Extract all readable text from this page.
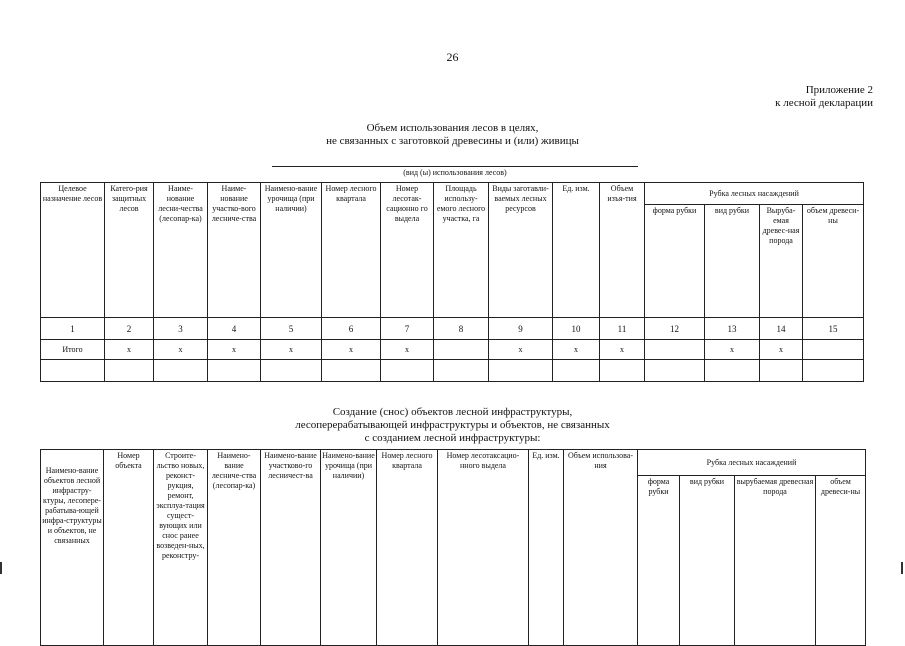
26
Приложение 2
к лесной декларации
Объем использования лесов в целях,
не связанных с заготовкой древесины и (или) живицы
(вид (ы) использования лесов)
Целевое назначение лесов	Катего-рия защитных лесов	Наиме-нование лесни-чества (лесопар-ка)	Наиме-нование участко-вого лесниче-ства	Наимено-вание урочища (при наличии)	Номер лесного квартала	Номер лесотак-сационно го выдела	Площадь использу-емого лесного участка, га	Виды заготавли-ваемых лесных ресурсов	Ед. изм.	Объем изъя-тия	Рубка лесных насаждений			
											форма рубки	вид рубки	Выруба-емая древес-ная порода	объем древеси-ны
1	2	3	4	5	6	7	8	9	10	11	12	13	14	15
Итого	x	x	x	x	x	x		x	x	x		x	x	

Создание (снос) объектов лесной инфраструктуры,
лесоперерабатывающей инфраструктуры и объектов, не связанных
с созданием лесной инфраструктуры:
Наимено-вание объектов лесной инфрастру-ктуры, лесопере-рабатыва-ющей инфра-структуры и объектов, не связанных	Номер объекта	Строите-льство новых, реконст-рукция, ремонт, эксплуа-тация сущест-вующих или снос ранее возведен-ных, реконстру-	Наимено-вание лесниче-ства (лесопар-ка)	Наимено-вание участково-го лесничест-ва	Наимено-вание урочища (при наличии)	Номер лесного квартала	Номер лесотаксацио-нного выдела	Ед. изм.	Объем использова-ния	Рубка лесных насаждений			
										форма рубки	вид рубки	вырубаемая древесная порода	объем древеси-ны
